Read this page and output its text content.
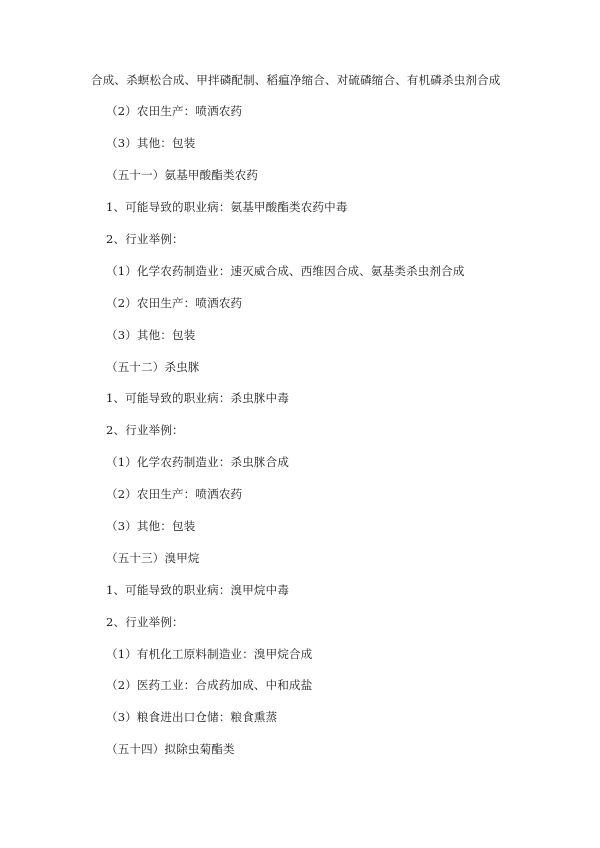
合成、杀螟松合成、甲拌磷配制、稻瘟净缩合、对硫磷缩合、有机磷杀虫剂合成
（2）农田生产：喷洒农药
（3）其他：包装
（五十一）氨基甲酸酯类农药
1、可能导致的职业病：氨基甲酸酯类农药中毒
2、行业举例：
（1）化学农药制造业：速灭威合成、西维因合成、氨基类杀虫剂合成
（2）农田生产：喷洒农药
（3）其他：包装
（五十二）杀虫脒
1、可能导致的职业病：杀虫脒中毒
2、行业举例：
（1）化学农药制造业：杀虫脒合成
（2）农田生产：喷洒农药
（3）其他：包装
（五十三）溴甲烷
1、可能导致的职业病：溴甲烷中毒
2、行业举例：
（1）有机化工原料制造业：溴甲烷合成
（2）医药工业：合成药加成、中和成盐
（3）粮食进出口仓储：粮食熏蒸
（五十四）拟除虫菊酯类
